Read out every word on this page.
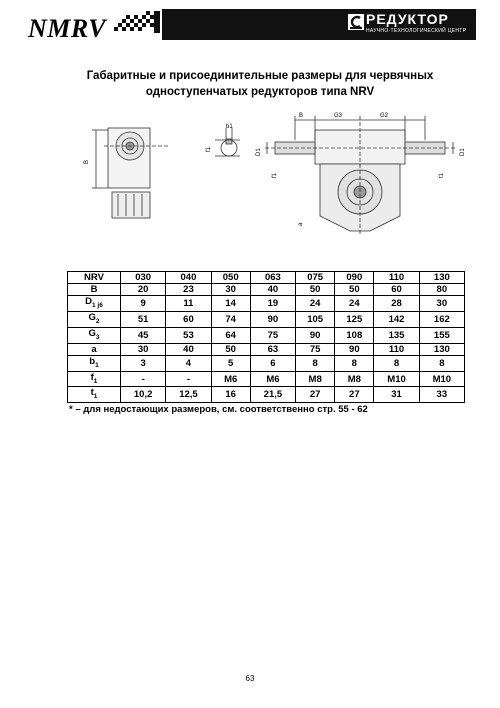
NMRV	РЕДУКТОР
НАУЧНО-ТЕХНОЛОГИЧЕСКИЙ ЦЕНТР
Габаритные и присоединительные размеры для червячных
одноступенчатых редукторов типа NRV
B
b1
f1
B	G3	G2
D1	D1
f1	t1
a
NRV	030	040	050	063	075	090	110	130
B	20	23	30	40	50	50	60	80
$D_{1 j6}$	9	11	14	19	24	24	28	30
$G_2$	51	60	74	90	105	125	142	162
$G_3$	45	53	64	75	90	108	135	155
a	30	40	50	63	75	90	110	130
$b_1$	3	4	5	6	8	8	8	8
$f_1$	-	-	M6	M6	M8	M8	M10	M10
$t_1$	10,2	12,5	16	21,5	27	27	31	33
* – для недостающих размеров, см. соответственно стр. 55 - 62
63
